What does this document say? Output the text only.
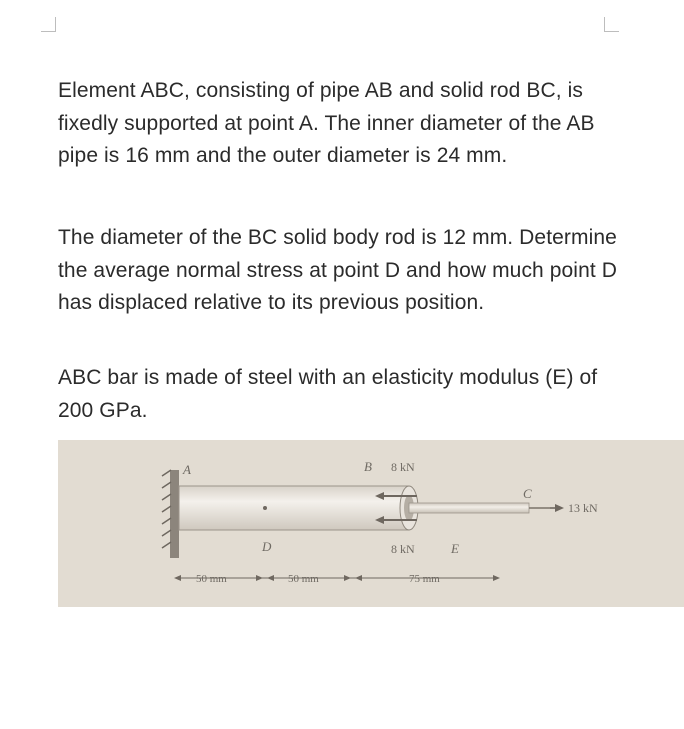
Element ABC, consisting of pipe AB and solid rod BC, is fixedly supported at point A. The inner diameter of the AB pipe is 16 mm and the outer diameter is 24 mm.

The diameter of the BC solid body rod is 12 mm. Determine the average normal stress at point D and how much point D has displaced relative to its previous position.

ABC bar is made of steel with an elasticity modulus (E) of 200 GPa.

A	B
C
D	E
8 kN
8 kN
13 kN
50 mm	50 mm	75 mm
